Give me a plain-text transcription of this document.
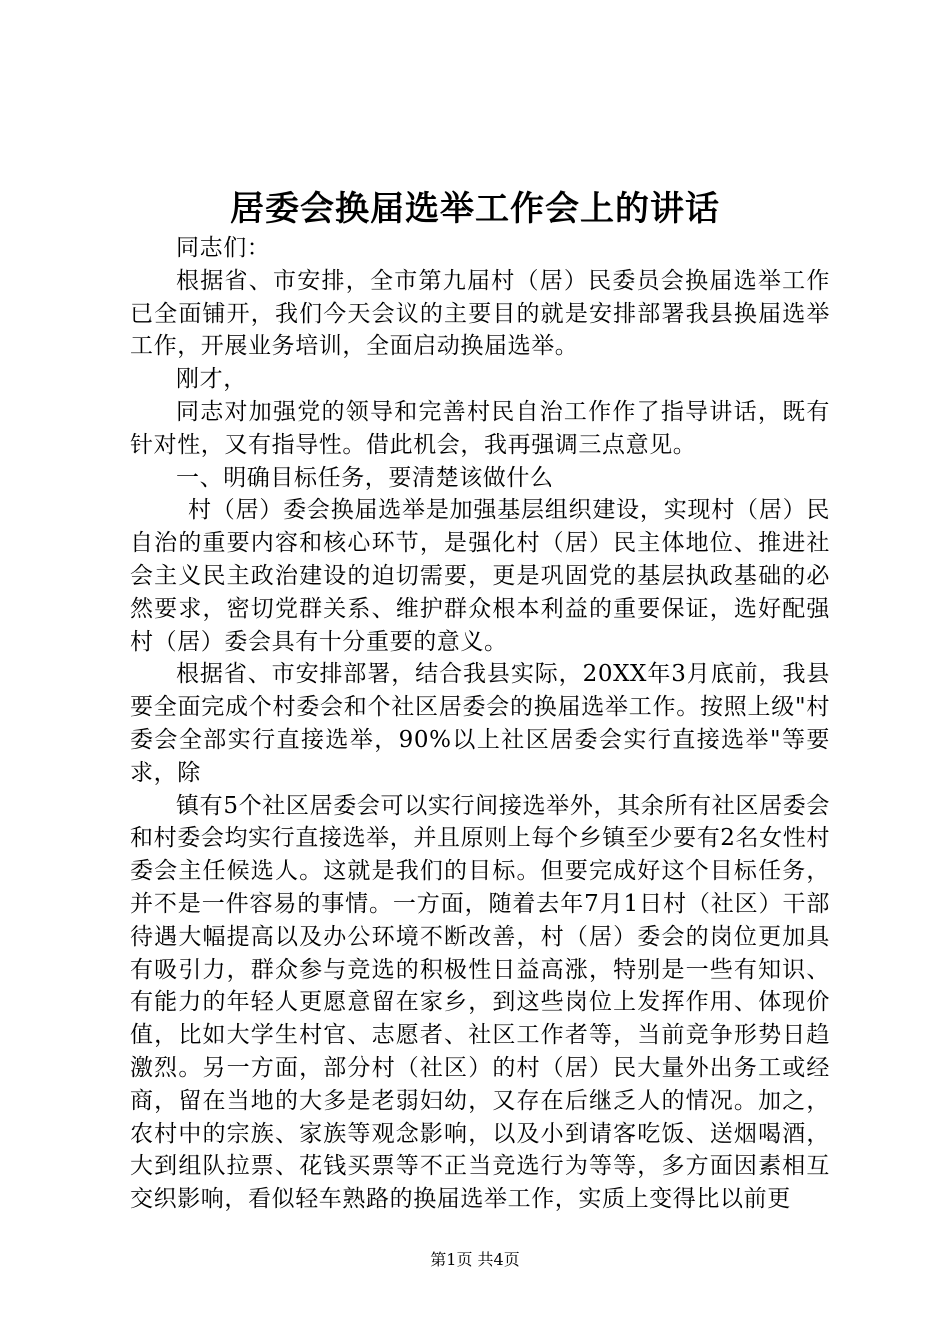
居委会换届选举工作会上的讲话

同志们：

根据省、市安排，全市第九届村（居）民委员会换届选举工作已全面铺开，我们今天会议的主要目的就是安排部署我县换届选举工作，开展业务培训，全面启动换届选举。

刚才，

同志对加强党的领导和完善村民自治工作作了指导讲话，既有针对性，又有指导性。借此机会，我再强调三点意见。

一、明确目标任务，要清楚该做什么

村（居）委会换届选举是加强基层组织建设，实现村（居）民自治的重要内容和核心环节，是强化村（居）民主体地位、推进社会主义民主政治建设的迫切需要，更是巩固党的基层执政基础的必然要求，密切党群关系、维护群众根本利益的重要保证，选好配强村（居）委会具有十分重要的意义。

根据省、市安排部署，结合我县实际，20XX年3月底前，我县要全面完成个村委会和个社区居委会的换届选举工作。按照上级"村委会全部实行直接选举，90%以上社区居委会实行直接选举"等要求，除

镇有5个社区居委会可以实行间接选举外，其余所有社区居委会和村委会均实行直接选举，并且原则上每个乡镇至少要有2名女性村委会主任候选人。这就是我们的目标。但要完成好这个目标任务，并不是一件容易的事情。一方面，随着去年7月1日村（社区）干部待遇大幅提高以及办公环境不断改善，村（居）委会的岗位更加具有吸引力，群众参与竞选的积极性日益高涨，特别是一些有知识、有能力的年轻人更愿意留在家乡，到这些岗位上发挥作用、体现价值，比如大学生村官、志愿者、社区工作者等，当前竞争形势日趋激烈。另一方面，部分村（社区）的村（居）民大量外出务工或经商，留在当地的大多是老弱妇幼，又存在后继乏人的情况。加之，农村中的宗族、家族等观念影响，以及小到请客吃饭、送烟喝酒，大到组队拉票、花钱买票等不正当竞选行为等等，多方面因素相互交织影响，看似轻车熟路的换届选举工作，实质上变得比以前更

第1页 共4页
